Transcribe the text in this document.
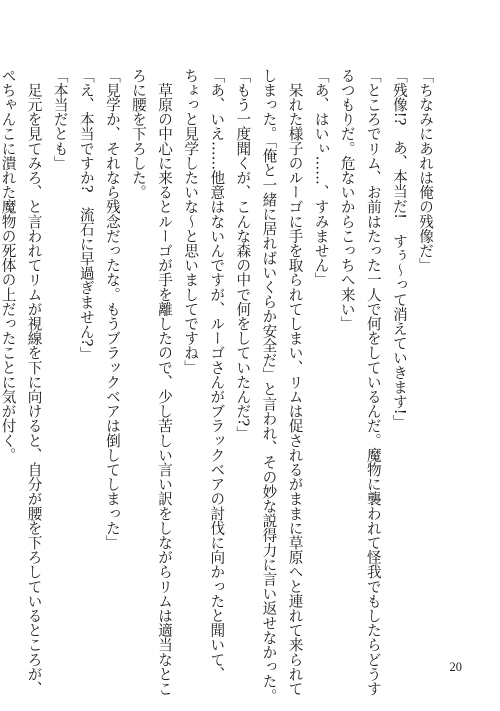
「ちなみにあれは俺の残像だ」
「残像!?　あ、本当だ!　すぅ〜って消えていきます!」
「ところでリム、お前はたった一人で何をしているんだ。魔物に襲われて怪我でもしたらどうす
るつもりだ。危ないからこっちへ来い」
「あ、はいぃ……、すみません」
　呆れた様子のルーゴに手を取られてしまい、リムは促されるがままに草原へと連れて来られて
しまった。「俺と一緒に居ればいくらか安全だ」と言われ、その妙な説得力に言い返せなかった。
「もう一度聞くが、こんな森の中で何をしていたんだ?」
「あ、いえ……他意はないんですが、ルーゴさんがブラックベアの討伐に向かったと聞いて、
ちょっと見学したいな〜と思いましてですね」
　草原の中心に来るとルーゴが手を離したので、少し苦しい言い訳をしながらリムは適当なとこ
ろに腰を下ろした。
「見学か、それなら残念だったな。もうブラックベアは倒してしまった」
「え、本当ですか?　流石に早過ぎません?」
「本当だとも」
　足元を見てみろ、と言われてリムが視線を下に向けると、自分が腰を下ろしているところが、
ぺちゃんこに潰れた魔物の死体の上だったことに気が付く。
20
